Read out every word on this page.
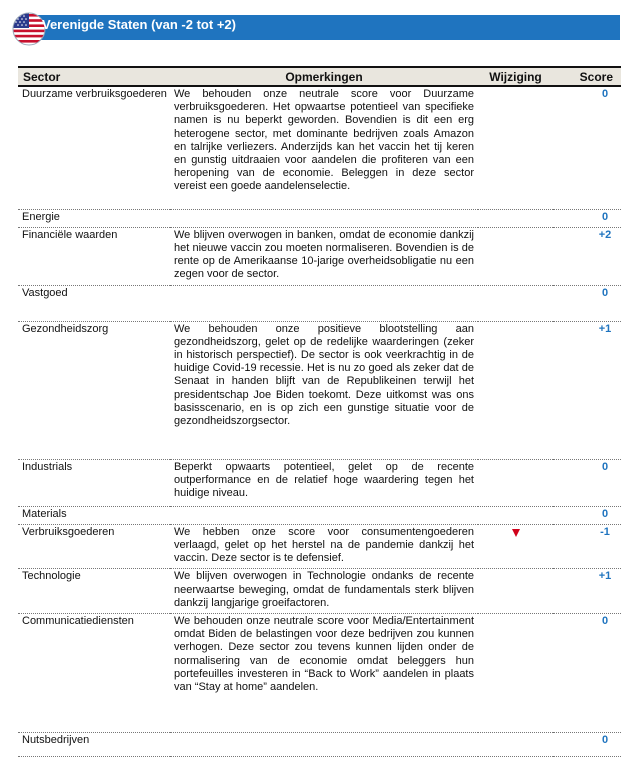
Verenigde Staten (van -2 tot +2)
Sector	Opmerkingen	Wijziging	Score
Duurzame verbruiksgoederen	We behouden onze neutrale score voor Duurzame verbruiksgoederen. Het opwaartse potentieel van specifieke namen is nu beperkt geworden. Bovendien is dit een erg heterogene sector, met dominante bedrijven zoals Amazon en talrijke verliezers. Anderzijds kan het vaccin het tij keren en gunstig uitdraaien voor aandelen die profiteren van een heropening van de economie. Beleggen in deze sector vereist een goede aandelenselectie.		0
Energie			0
Financiële waarden	We blijven overwogen in banken, omdat de economie dankzij het nieuwe vaccin zou moeten normaliseren. Bovendien is de rente op de Amerikaanse 10-jarige overheidsobligatie nu een zegen voor de sector.		+2
Vastgoed			0
Gezondheidszorg	We behouden onze positieve blootstelling aan gezondheidszorg, gelet op de redelijke waarderingen (zeker in historisch perspectief). De sector is ook veerkrachtig in de huidige Covid-19 recessie. Het is nu zo goed als zeker dat de Senaat in handen blijft van de Republikeinen terwijl het presidentschap Joe Biden toekomt. Deze uitkomst was ons basisscenario, en is op zich een gunstige situatie voor de gezondheidszorgsector.		+1
Industrials	Beperkt opwaarts potentieel, gelet op de recente outperformance en de relatief hoge waardering tegen het huidige niveau.		0
Materials			0
Verbruiksgoederen	We hebben onze score voor consumentengoederen verlaagd, gelet op het herstel na de pandemie dankzij het vaccin. Deze sector is te defensief.		-1
Technologie	We blijven overwogen in Technologie ondanks de recente neerwaartse beweging, omdat de fundamentals sterk blijven dankzij langjarige groeifactoren.		+1
Communicatiediensten	We behouden onze neutrale score voor Media/Entertainment omdat Biden de belastingen voor deze bedrijven zou kunnen verhogen. Deze sector zou tevens kunnen lijden onder de normalisering van de economie omdat beleggers hun portefeuilles investeren in “Back to Work” aandelen in plaats van “Stay at home” aandelen.		0
Nutsbedrijven			0
